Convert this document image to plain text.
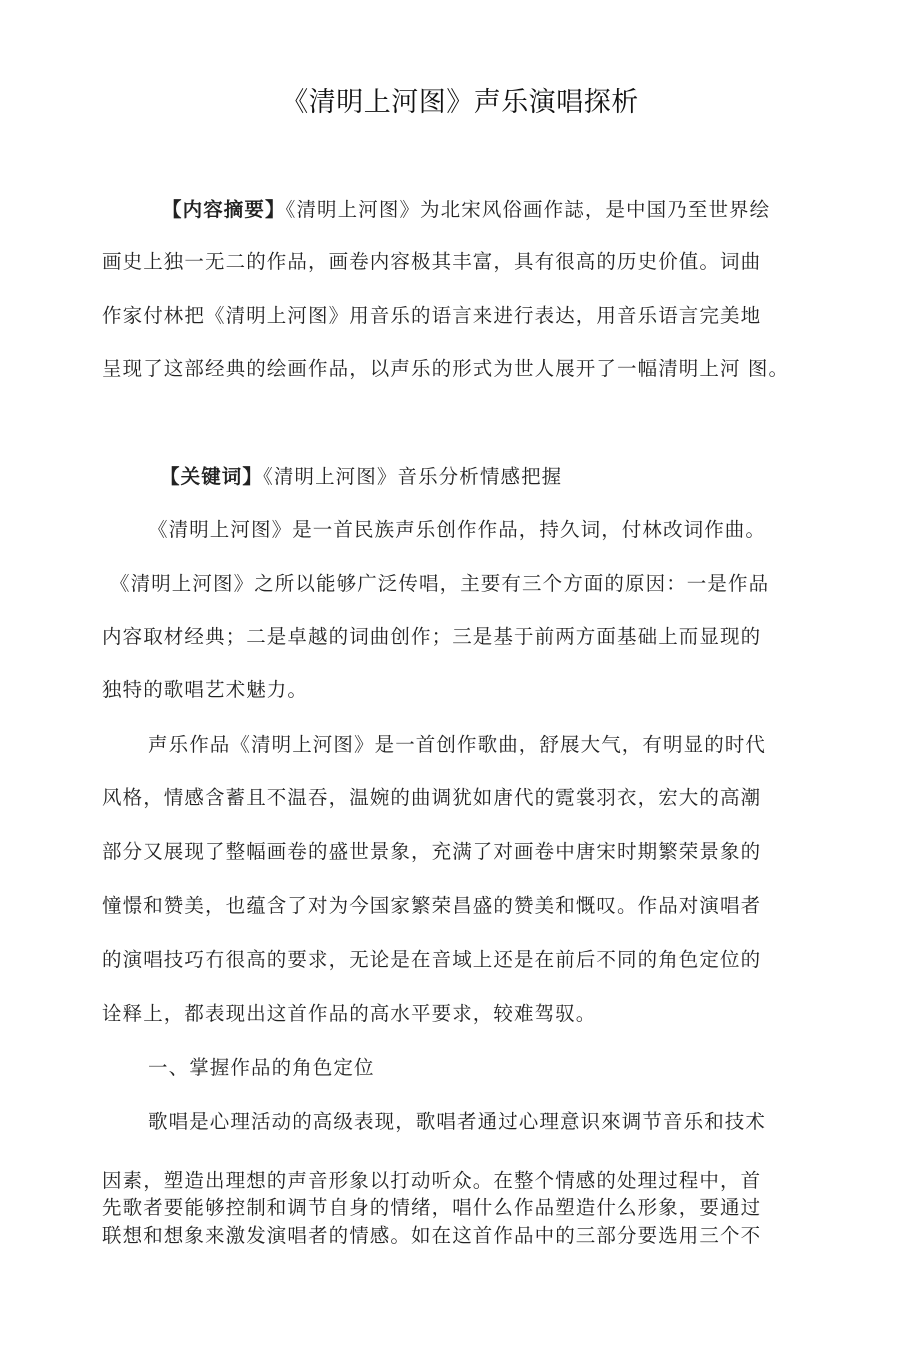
《清明上河图》声乐演唱探析
【内容摘要】《清明上河图》为北宋风俗画作誌，是中国乃至世界绘
画史上独一无二的作品，画卷内容极其丰富，具有很高的历史价值。词曲
作家付林把《清明上河图》用音乐的语言来进行表达，用音乐语言完美地
呈现了这部经典的绘画作品，以声乐的形式为世人展开了一幅清明上河 图。
【关键词】《清明上河图》音乐分析情感把握
《清明上河图》是一首民族声乐创作作品，持久词，付林改词作曲。
《清明上河图》之所以能够广泛传唱，主要有三个方面的原因：一是作品
内容取材经典；二是卓越的词曲创作；三是基于前两方面基础上而显现的
独特的歌唱艺术魅力。
声乐作品《清明上河图》是一首创作歌曲，舒展大气，有明显的时代
风格，情感含蓄且不温吞，温婉的曲调犹如唐代的霓裳羽衣，宏大的高潮
部分又展现了整幅画卷的盛世景象，充满了对画卷中唐宋时期繁荣景象的
憧憬和赞美，也蕴含了对为今国家繁荣昌盛的赞美和慨叹。作品对演唱者
的演唱技巧冇很高的要求，无论是在音域上还是在前后不同的角色定位的
诠释上，都表现出这首作品的高水平要求，较难驾驭。
一、掌握作品的角色定位
歌唱是心理活动的高级表现，歌唱者通过心理意识來调节音乐和技术
因素，塑造出理想的声音形象以打动听众。在整个情感的处理过程中，首
先歌者要能够控制和调节自身的情绪，唱什么作品塑造什么形象，要通过
联想和想象来激发演唱者的情感。如在这首作品中的三部分要选用三个不
